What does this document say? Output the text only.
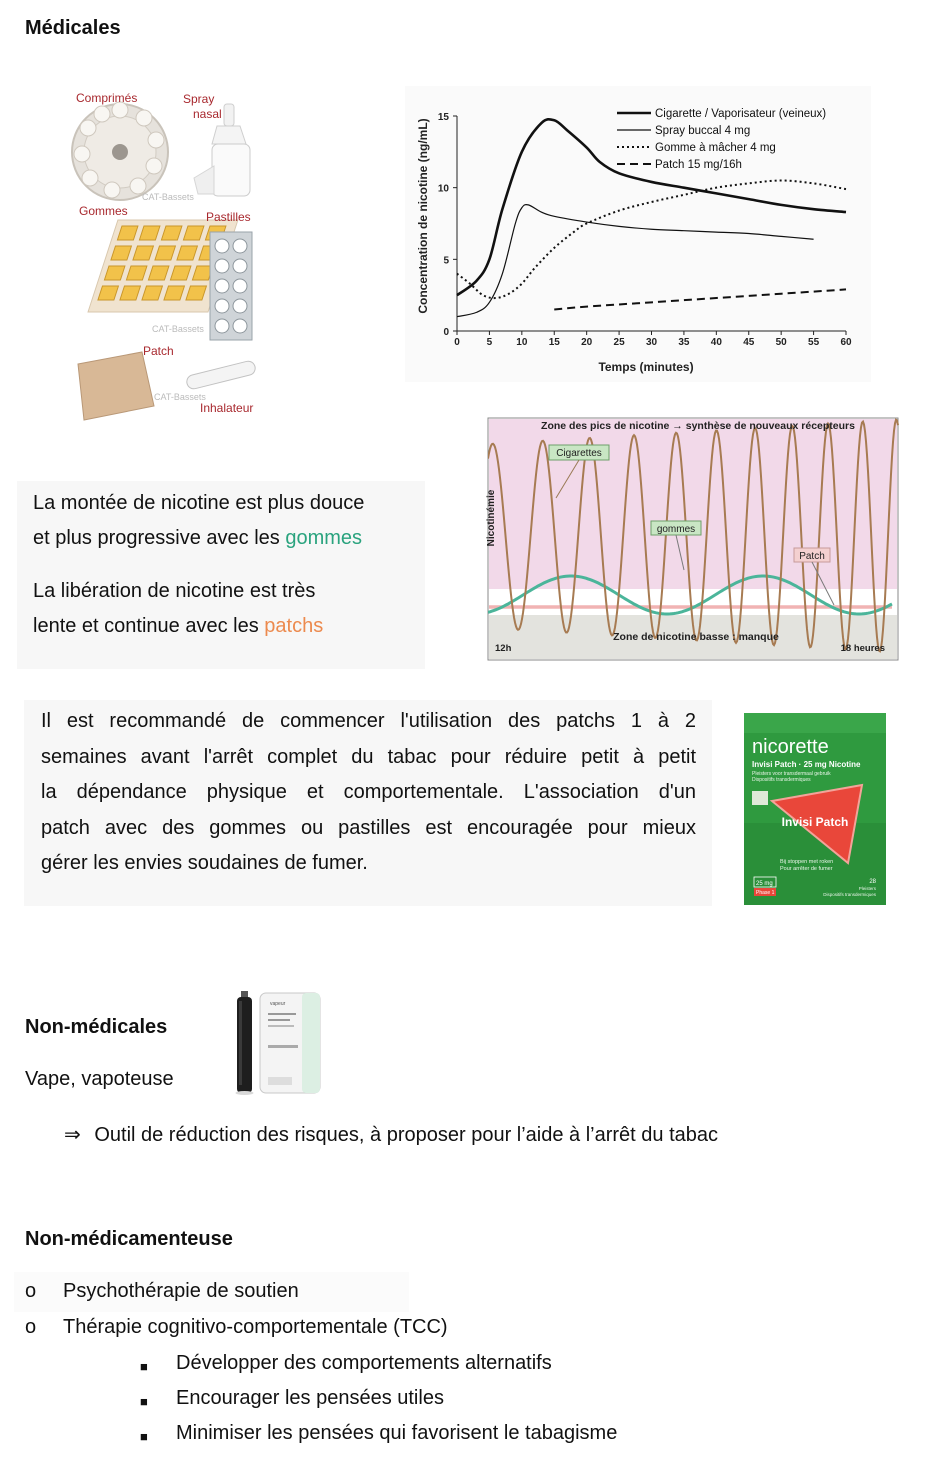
Médicales
Comprimés	Spray
nasal
Gommes	Pastilles
Patch
Inhalateur
CAT-Bassets
CAT-Bassets
CAT-Bassets
0	5 10 15 20 25 30 35 40 45 50 55 60
0
5
10
15	Cigarette / Vaporisateur (veineux)
Spray buccal 4 mg
Gomme à mâcher 4 mg
Patch 15 mg/16h
Temps (minutes)
Concentration de nicotine (ng/mL)
Zone des pics de nicotine → synthèse de nouveaux récepteurs
Nicotinémie
Zone de nicotine basse : manque
12h	18 heures
Cigarettes
gommes
Patch
La montée de nicotine est plus douce
et plus progressive avec les gommes
La libération de nicotine est très
lente et continue avec les patchs
Il est recommandé de commencer l'utilisation des patchs 1 à 2
semaines avant l'arrêt complet du tabac pour réduire petit à petit
la dépendance physique et comportementale. L'association d'un
patch avec des gommes ou pastilles est encouragée pour mieux
gérer les envies soudaines de fumer.
nicorette
Invisi Patch · 25 mg Nicotine
Pleisters voor transdermaal gebruik
Dispositifs transdermiques
Invisi Patch
Bij stoppen met roken
Pour arrêter de fumer
25 mg
Phase 1
28
Pleisters
Dispositifs transdermiques
Non-médicales
Vape, vapoteuse
vapeur
⇒ Outil de réduction des risques, à proposer pour l’aide à l’arrêt du tabac
Non-médicamenteuse
o Psychothérapie de soutien
o Thérapie cognitivo-comportementale (TCC)
■ Développer des comportements alternatifs
■ Encourager les pensées utiles
■ Minimiser les pensées qui favorisent le tabagisme
